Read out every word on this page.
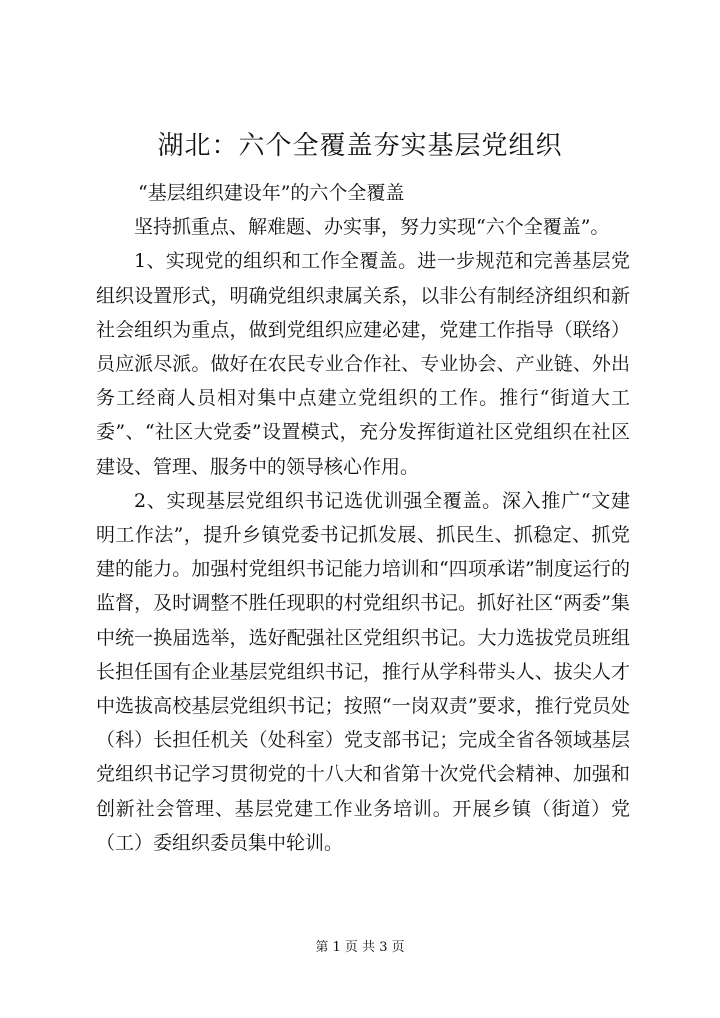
湖北：六个全覆盖夯实基层党组织

“基层组织建设年”的六个全覆盖

坚持抓重点、解难题、办实事，努力实现“六个全覆盖”。

1、实现党的组织和工作全覆盖。进一步规范和完善基层党组织设置形式，明确党组织隶属关系，以非公有制经济组织和新社会组织为重点，做到党组织应建必建，党建工作指导（联络）员应派尽派。做好在农民专业合作社、专业协会、产业链、外出务工经商人员相对集中点建立党组织的工作。推行“街道大工委”、“社区大党委”设置模式，充分发挥街道社区党组织在社区建设、管理、服务中的领导核心作用。

2、实现基层党组织书记选优训强全覆盖。深入推广“文建明工作法”，提升乡镇党委书记抓发展、抓民生、抓稳定、抓党建的能力。加强村党组织书记能力培训和“四项承诺”制度运行的监督，及时调整不胜任现职的村党组织书记。抓好社区“两委”集中统一换届选举，选好配强社区党组织书记。大力选拔党员班组长担任国有企业基层党组织书记，推行从学科带头人、拔尖人才中选拔高校基层党组织书记；按照“一岗双责”要求，推行党员处（科）长担任机关（处科室）党支部书记；完成全省各领域基层党组织书记学习贯彻党的十八大和省第十次党代会精神、加强和创新社会管理、基层党建工作业务培训。开展乡镇（街道）党（工）委组织委员集中轮训。

第 1 页 共 3 页
